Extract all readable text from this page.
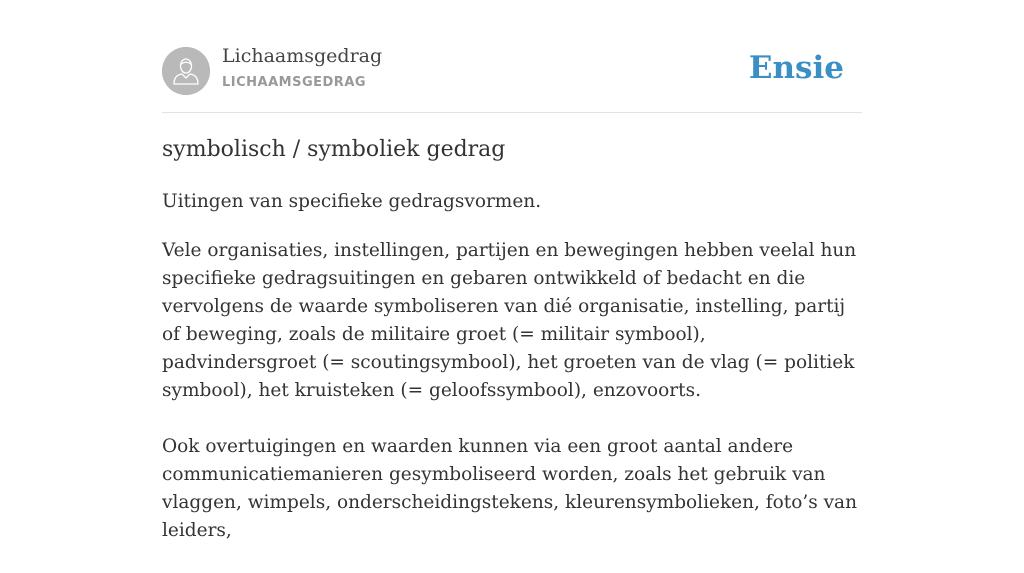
Lichaamsgedrag
LICHAAMSGEDRAG	Ensie
symbolisch / symboliek gedrag

Uitingen van specifieke gedragsvormen.

Vele organisaties, instellingen, partijen en bewegingen hebben veelal hun specifieke gedragsuitingen en gebaren ontwikkeld of bedacht en die vervolgens de waarde symboliseren van dié organisatie, instelling, partij of beweging, zoals de militaire groet (= militair symbool), padvindersgroet (= scoutingsymbool), het groeten van de vlag (= politiek symbool), het kruisteken (= geloofssymbool), enzovoorts.

Ook overtuigingen en waarden kunnen via een groot aantal andere communicatiemanieren gesymboliseerd worden, zoals het gebruik van vlaggen, wimpels, onderscheidingstekens, kleurensymbolieken, foto’s van leiders,
